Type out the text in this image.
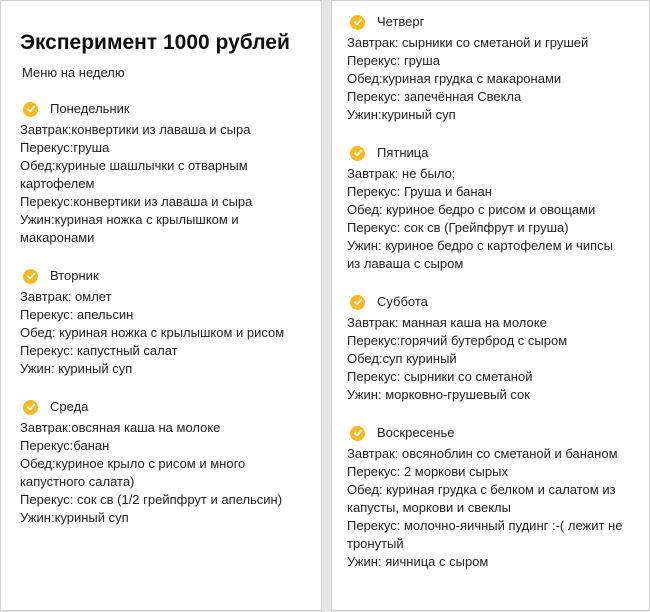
Эксперимент 1000 рублей
Меню на неделю
Понедельник
Завтрак:конвертики из лаваша и сыра
Перекус:груша
Обед:куриные шашлычки с отварным
картофелем
Перекус:конвертики из лаваша и сыра
Ужин:куриная ножка с крылышком и
макаронами
Вторник
Завтрак: омлет
Перекус: апельсин
Обед: куриная ножка с крылышком и рисом
Перекус: капустный салат
Ужин: куриный суп
Среда
Завтрак:овсяная каша на молоке
Перекус:банан
Обед:куриное крыло с рисом и много
капустного салата)
Перекус: сок св (1/2 грейпфрут и апельсин)
Ужин:куриный суп
Четверг
Завтрак: сырники со сметаной и грушей
Перекус: груша
Обед:куриная грудка с макаронами
Перекус: запечённая Свекла
Ужин:куриный суп
Пятница
Завтрак: не было;
Перекус: Груша и банан
Обед: куриное бедро с рисом и овощами
Перекус: сок св (Грейпфрут и груша)
Ужин: куриное бедро с картофелем и чипсы
из лаваша с сыром
Суббота
Завтрак: манная каша на молоке
Перекус:горячий бутерброд с сыром
Обед:суп куриный
Перекус: сырники со сметаной
Ужин: морковно-грушевый сок
Воскресенье
Завтрак: овсяноблин со сметаной и бананом
Перекус: 2 моркови сырых
Обед: куриная грудка с белком и салатом из
капусты, моркови и свеклы
Перекус: молочно-яичный пудинг :-( лежит не
тронутый
Ужин: яичница с сыром
